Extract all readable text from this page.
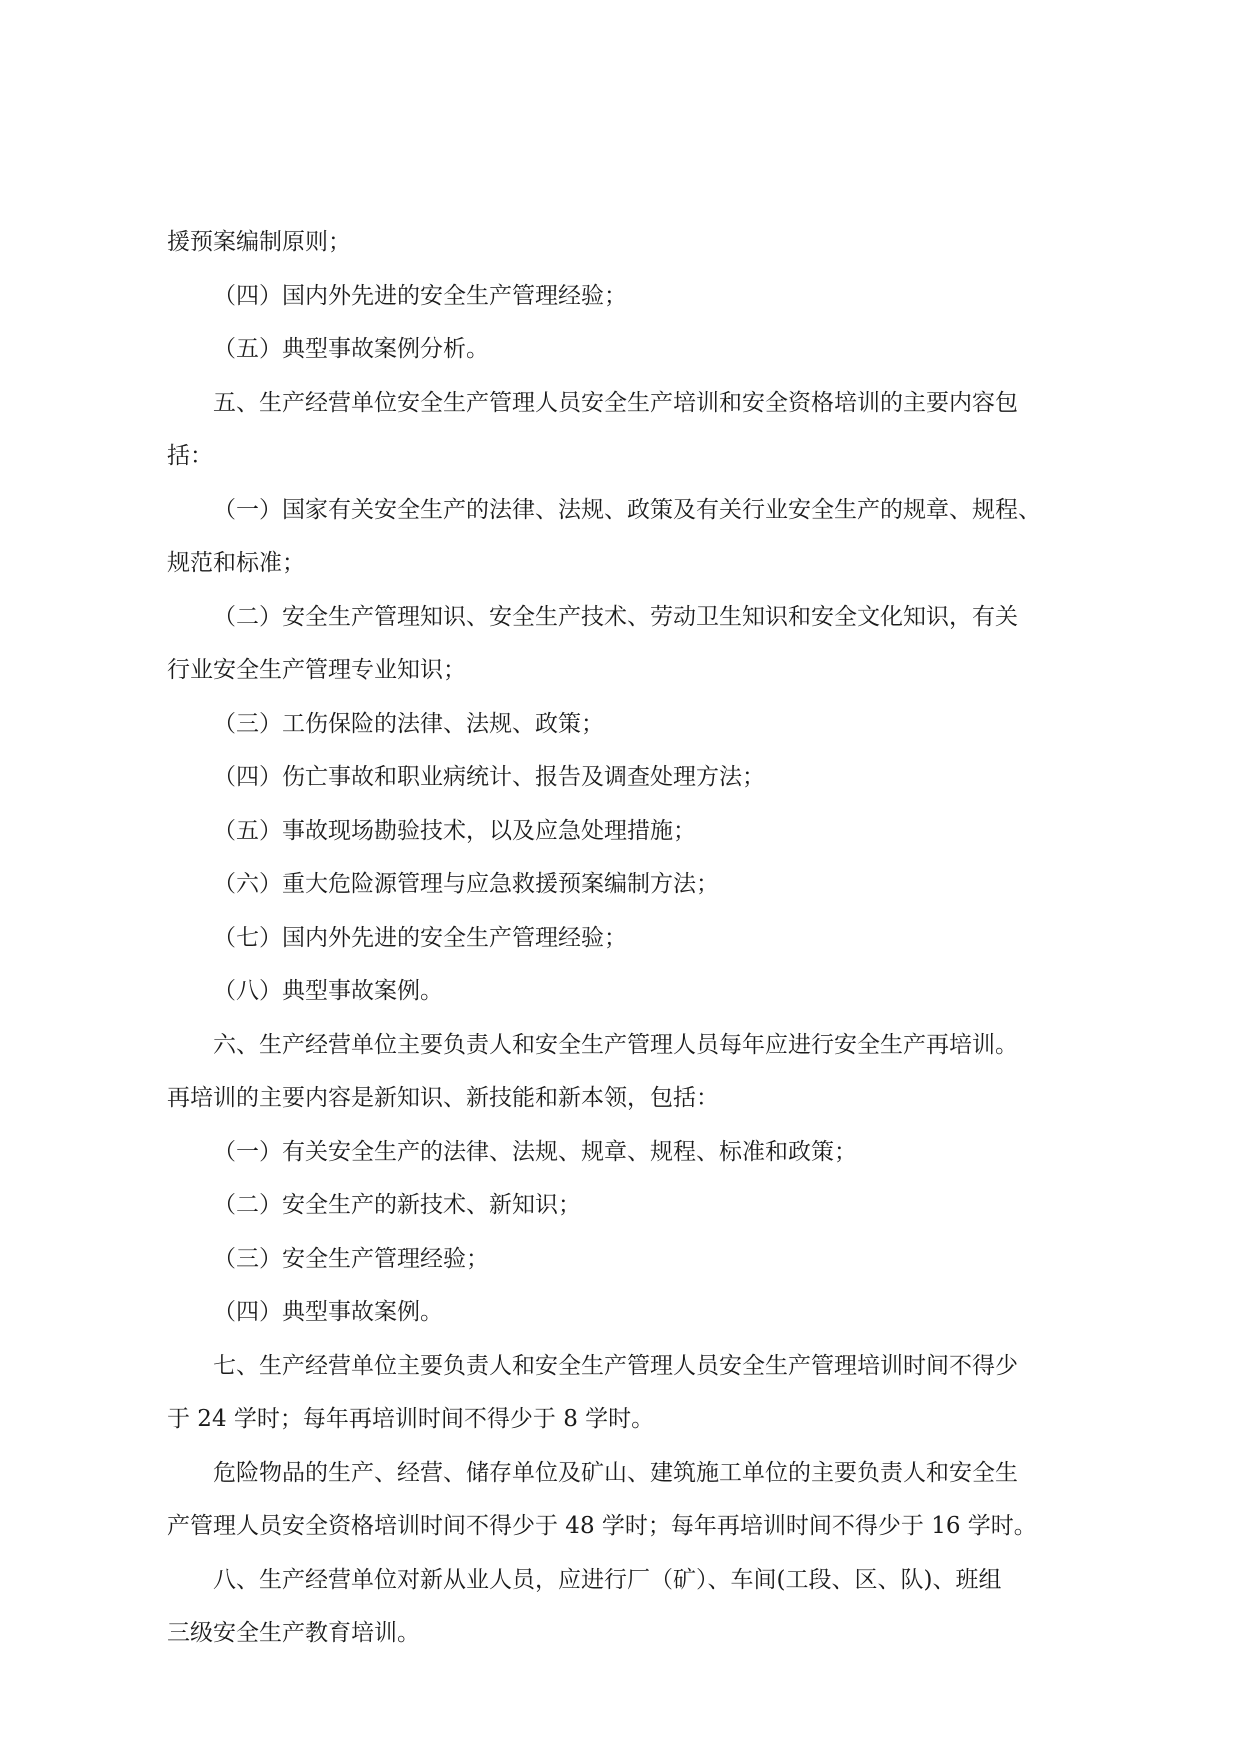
援预案编制原则；
（四）国内外先进的安全生产管理经验；
（五）典型事故案例分析。
五、生产经营单位安全生产管理人员安全生产培训和安全资格培训的主要内容包
括：
（一）国家有关安全生产的法律、法规、政策及有关行业安全生产的规章、规程、
规范和标准；
（二）安全生产管理知识、安全生产技术、劳动卫生知识和安全文化知识，有关
行业安全生产管理专业知识；
（三）工伤保险的法律、法规、政策；
（四）伤亡事故和职业病统计、报告及调查处理方法；
（五）事故现场勘验技术，以及应急处理措施；
（六）重大危险源管理与应急救援预案编制方法；
（七）国内外先进的安全生产管理经验；
（八）典型事故案例。
六、生产经营单位主要负责人和安全生产管理人员每年应进行安全生产再培训。
再培训的主要内容是新知识、新技能和新本领，包括：
（一）有关安全生产的法律、法规、规章、规程、标准和政策；
（二）安全生产的新技术、新知识；
（三）安全生产管理经验；
（四）典型事故案例。
七、生产经营单位主要负责人和安全生产管理人员安全生产管理培训时间不得少
于 24 学时；每年再培训时间不得少于 8 学时。
危险物品的生产、经营、储存单位及矿山、建筑施工单位的主要负责人和安全生
产管理人员安全资格培训时间不得少于 48 学时；每年再培训时间不得少于 16 学时。
八、生产经营单位对新从业人员，应进行厂（矿）、车间(工段、区、队)、班组
三级安全生产教育培训。
